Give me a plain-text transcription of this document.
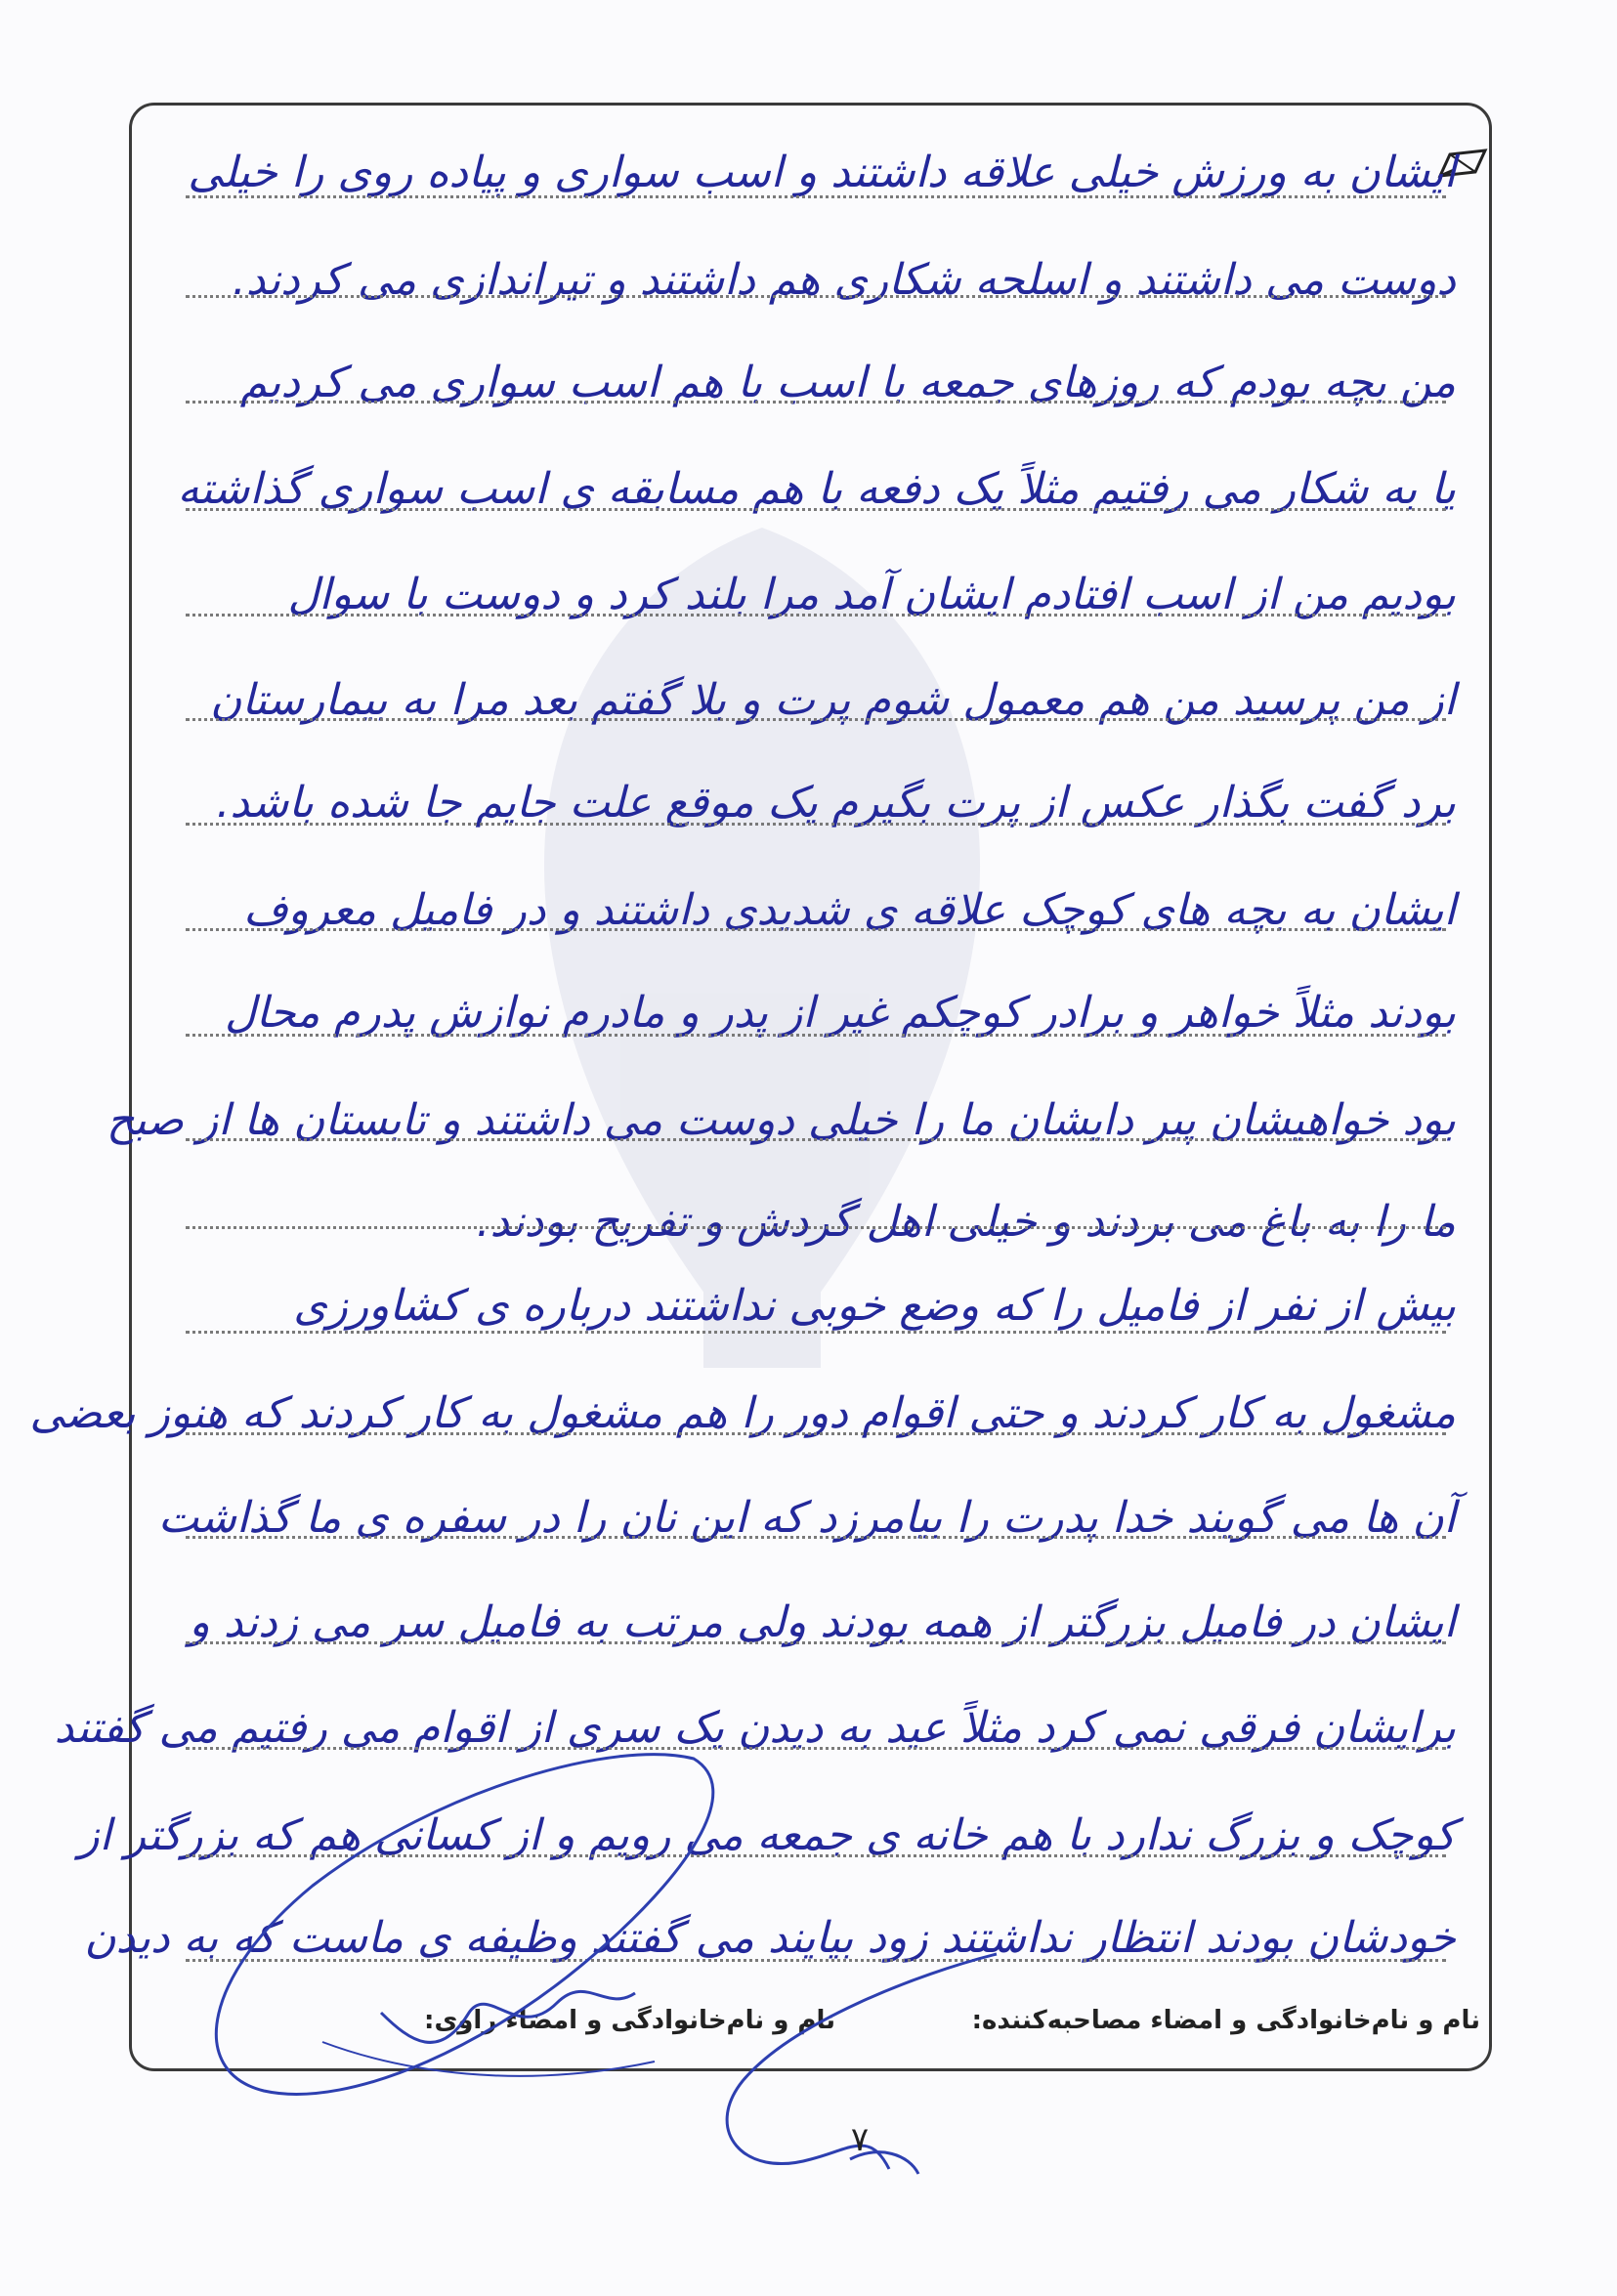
ایشان به ورزش خیلی علاقه داشتند و اسب سواری و پیاده روی را خیلی
دوست می داشتند و اسلحه شکاری هم داشتند و تیراندازی می کردند.
من بچه بودم که روزهای جمعه با اسب با هم اسب سواری می کردیم
یا به شکار می رفتیم مثلاً یک دفعه با هم مسابقه ی اسب سواری گذاشته
بودیم من از اسب افتادم ایشان آمد مرا بلند کرد و دوست با سوال
از من پرسید من هم معمول شوم پرت و بلا گفتم بعد مرا به بیمارستان
برد گفت بگذار عکس از پرت بگیرم یک موقع علت جایم جا شده باشد.
ایشان به بچه های کوچک علاقه ی شدیدی داشتند و در فامیل معروف
بودند مثلاً خواهر و برادر کوچکم غیر از پدر و مادرم نوازش پدرم محال
بود خواهیشان پیر دایشان ما را خیلی دوست می داشتند و تابستان ها از صبح
ما را به باغ می بردند و خیلی اهل گردش و تفریح بودند.
بیش از نفر از فامیل را که وضع خوبی نداشتند درباره ی کشاورزی
مشغول به کار کردند و حتی اقوام دور را هم مشغول به کار کردند که هنوز بعضی
آن ها می گویند خدا پدرت را بیامرزد که این نان را در سفره ی ما گذاشت
ایشان در فامیل بزرگتر از همه بودند ولی مرتب به فامیل سر می زدند و
برایشان فرقی نمی کرد مثلاً عید به دیدن یک سری از اقوام می رفتیم می گفتند
کوچک و بزرگ ندارد با هم خانه ی جمعه می رویم و از کسانی هم که بزرگتر از
خودشان بودند انتظار نداشتند زود بیایند می گفتند وظیفه ی ماست که به دیدن
نام و نام‌خانوادگی و امضاء مصاحبه‌کننده:
نام و نام‌خانوادگی و امضاء راوی:
۷
